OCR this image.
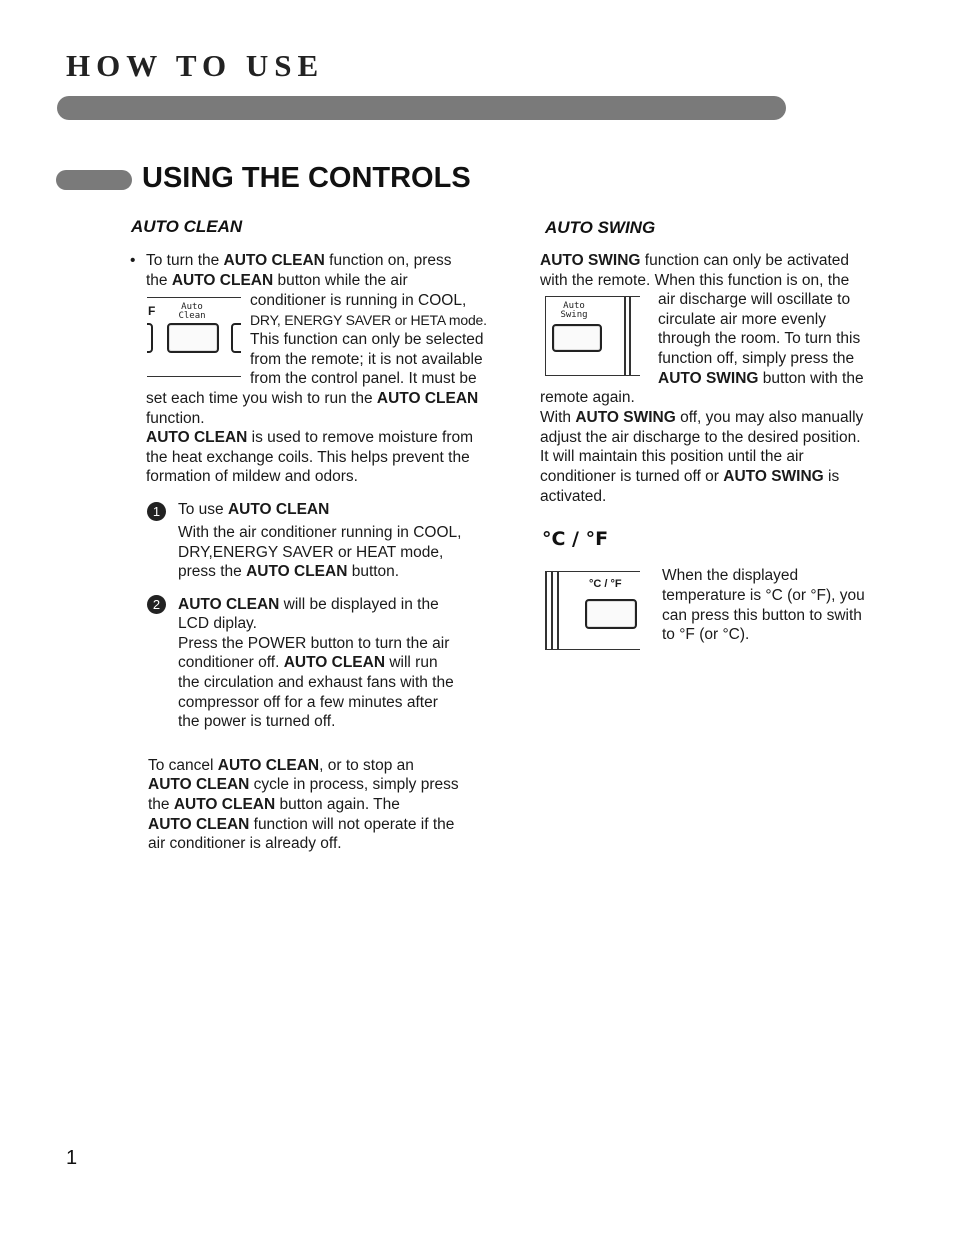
HOW TO USE
USING THE CONTROLS
AUTO CLEAN
• To turn the AUTO CLEAN function on, press
the AUTO CLEAN button while the air
F	Auto
Clean
conditioner is running in COOL,
DRY, ENERGY SAVER or HETA mode.
This function can only be selected
from the remote; it is not available
from the control panel. It must be
set each time you wish to run the AUTO CLEAN
function.
AUTO CLEAN is used to remove moisture from
the heat exchange coils. This helps prevent the
formation of mildew and odors.
1	To use AUTO CLEAN
With the air conditioner running in COOL,
DRY,ENERGY SAVER or HEAT mode,
press the AUTO CLEAN button.
2	AUTO CLEAN will be displayed in the
LCD diplay.
Press the POWER button to turn the air
conditioner off. AUTO CLEAN will run
the circulation and exhaust fans with the
compressor off for a few minutes after
the power is turned off.
To cancel AUTO CLEAN, or to stop an
AUTO CLEAN cycle in process, simply press
the AUTO CLEAN button again. The
AUTO CLEAN function will not operate if the
air conditioner is already off.
AUTO SWING
AUTO SWING function can only be activated
with the remote. When this function is on, the
Auto
Swing
air discharge will oscillate to
circulate air more evenly
through the room. To turn this
function off, simply press the
AUTO SWING button with the
remote again.
With AUTO SWING off, you may also manually
adjust the air discharge to the desired position.
It will maintain this position until the air
conditioner is turned off or AUTO SWING is
activated.
°C / °F
°C / °F	When the displayed
temperature is °C (or °F), you
can press this button to swith
to °F (or °C).
1
